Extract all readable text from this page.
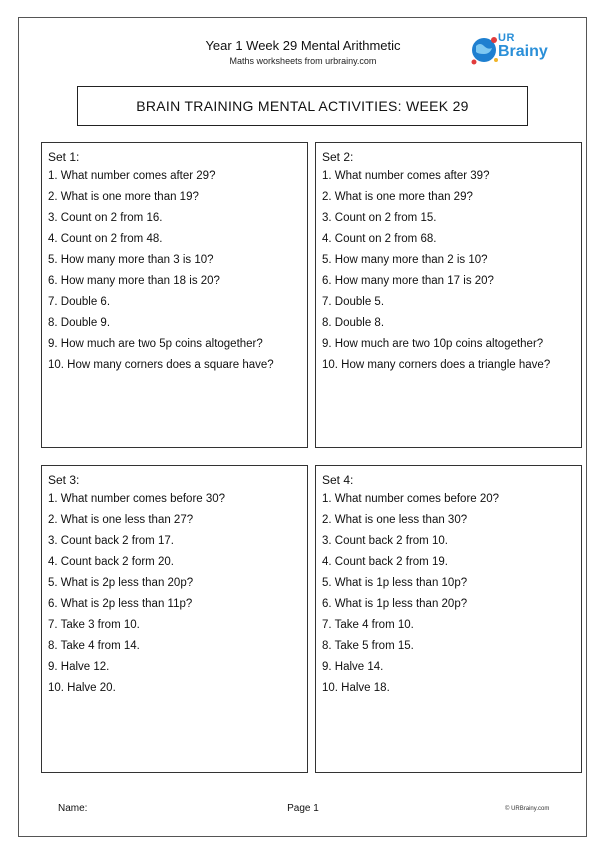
Year 1 Week 29 Mental Arithmetic
Maths worksheets from urbrainy.com
UR
Brainy
BRAIN TRAINING MENTAL ACTIVITIES: WEEK 29
Set 1:
1. What number comes after 29?
2. What is one more than 19?
3. Count on 2 from 16.
4. Count on 2 from 48.
5. How many more than 3 is 10?
6. How many more than 18 is 20?
7. Double 6.
8. Double 9.
9. How much are two 5p coins altogether?
10. How many corners does a square have?
Set 2:
1. What number comes after 39?
2. What is one more than 29?
3. Count on 2 from 15.
4. Count on 2 from 68.
5. How many more than 2 is 10?
6. How many more than 17 is 20?
7. Double 5.
8. Double 8.
9. How much are two 10p coins altogether?
10. How many corners does a triangle have?
Set 3:
1. What number comes before 30?
2. What is one less than 27?
3. Count back 2 from 17.
4. Count back 2 form 20.
5. What is 2p less than 20p?
6. What is 2p less than 11p?
7. Take 3 from 10.
8. Take 4 from 14.
9. Halve 12.
10. Halve 20.
Set 4:
1. What number comes before 20?
2. What is one less than 30?
3. Count back 2 from 10.
4. Count back 2 from 19.
5. What is 1p less than 10p?
6. What is 1p less than 20p?
7. Take 4 from 10.
8. Take 5 from 15.
9. Halve 14.
10. Halve 18.
Name:	Page 1	© URBrainy.com
